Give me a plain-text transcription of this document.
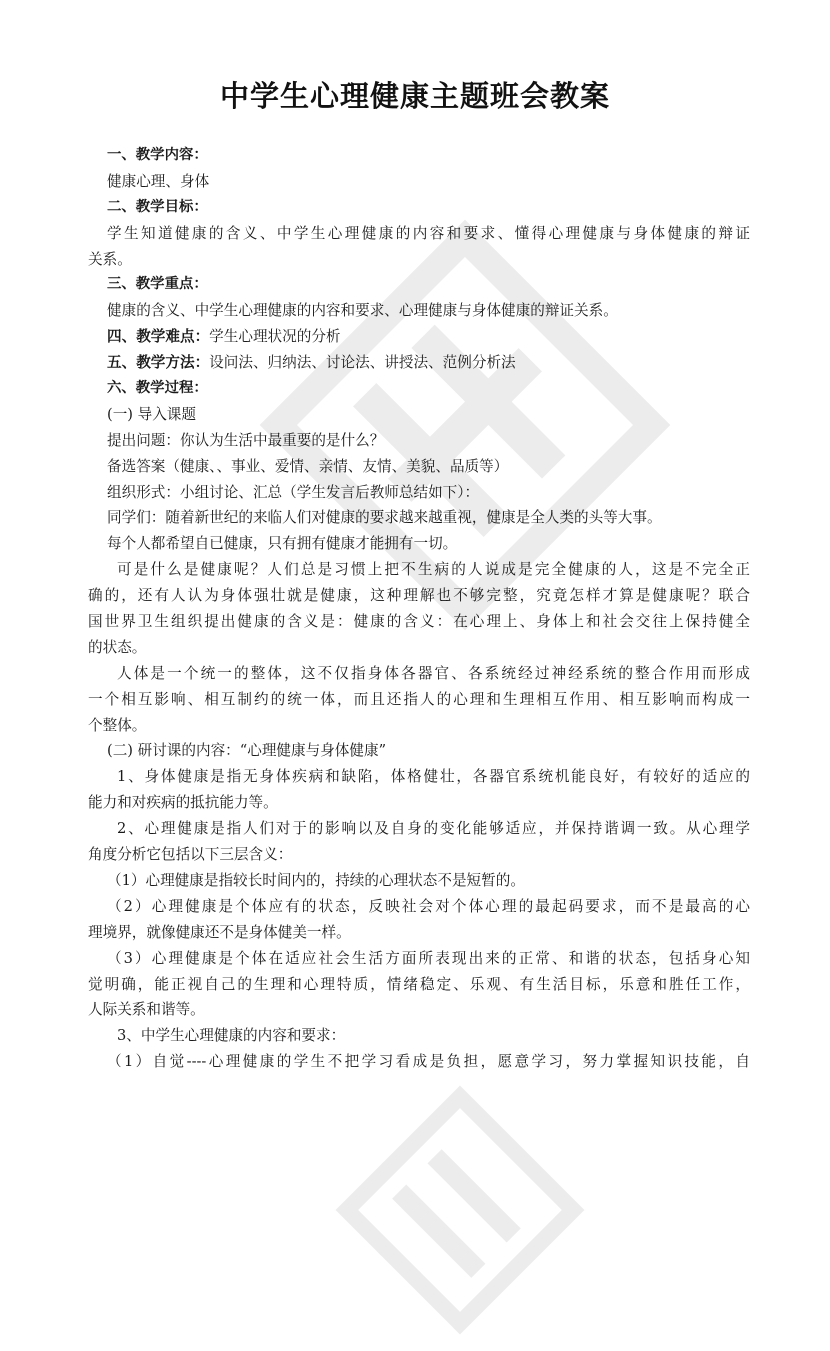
中学生心理健康主题班会教案
一、教学内容：
健康心理、身体
二、教学目标：
学生知道健康的含义、中学生心理健康的内容和要求、懂得心理健康与身体健康的辩证
关系。
三、教学重点：
健康的含义、中学生心理健康的内容和要求、心理健康与身体健康的辩证关系。
四、教学难点：学生心理状况的分析
五、教学方法：设问法、归纳法、讨论法、讲授法、范例分析法
六、教学过程：
(一) 导入课题
提出问题：你认为生活中最重要的是什么？
备选答案（健康、、事业、爱情、亲情、友情、美貌、品质等）
组织形式：小组讨论、汇总（学生发言后教师总结如下）：
同学们：随着新世纪的来临人们对健康的要求越来越重视，健康是全人类的头等大事。
每个人都希望自已健康，只有拥有健康才能拥有一切。
可是什么是健康呢？人们总是习惯上把不生病的人说成是完全健康的人，这是不完全正
确的，还有人认为身体强壮就是健康，这种理解也不够完整，究竟怎样才算是健康呢？联合
国世界卫生组织提出健康的含义是：健康的含义：在心理上、身体上和社会交往上保持健全
的状态。
人体是一个统一的整体，这不仅指身体各器官、各系统经过神经系统的整合作用而形成
一个相互影响、相互制约的统一体，而且还指人的心理和生理相互作用、相互影响而构成一
个整体。
(二) 研讨课的内容：“心理健康与身体健康”
1、身体健康是指无身体疾病和缺陷，体格健壮，各器官系统机能良好，有较好的适应的
能力和对疾病的抵抗能力等。
2、心理健康是指人们对于的影响以及自身的变化能够适应，并保持谐调一致。从心理学
角度分析它包括以下三层含义：
（1）心理健康是指较长时间内的，持续的心理状态不是短暂的。
（2）心理健康是个体应有的状态，反映社会对个体心理的最起码要求，而不是最高的心
理境界，就像健康还不是身体健美一样。
（3）心理健康是个体在适应社会生活方面所表现出来的正常、和谐的状态，包括身心知
觉明确，能正视自己的生理和心理特质，情绪稳定、乐观、有生活目标，乐意和胜任工作，
人际关系和谐等。
3、中学生心理健康的内容和要求：
（1）自觉----心理健康的学生不把学习看成是负担，愿意学习，努力掌握知识技能，自
